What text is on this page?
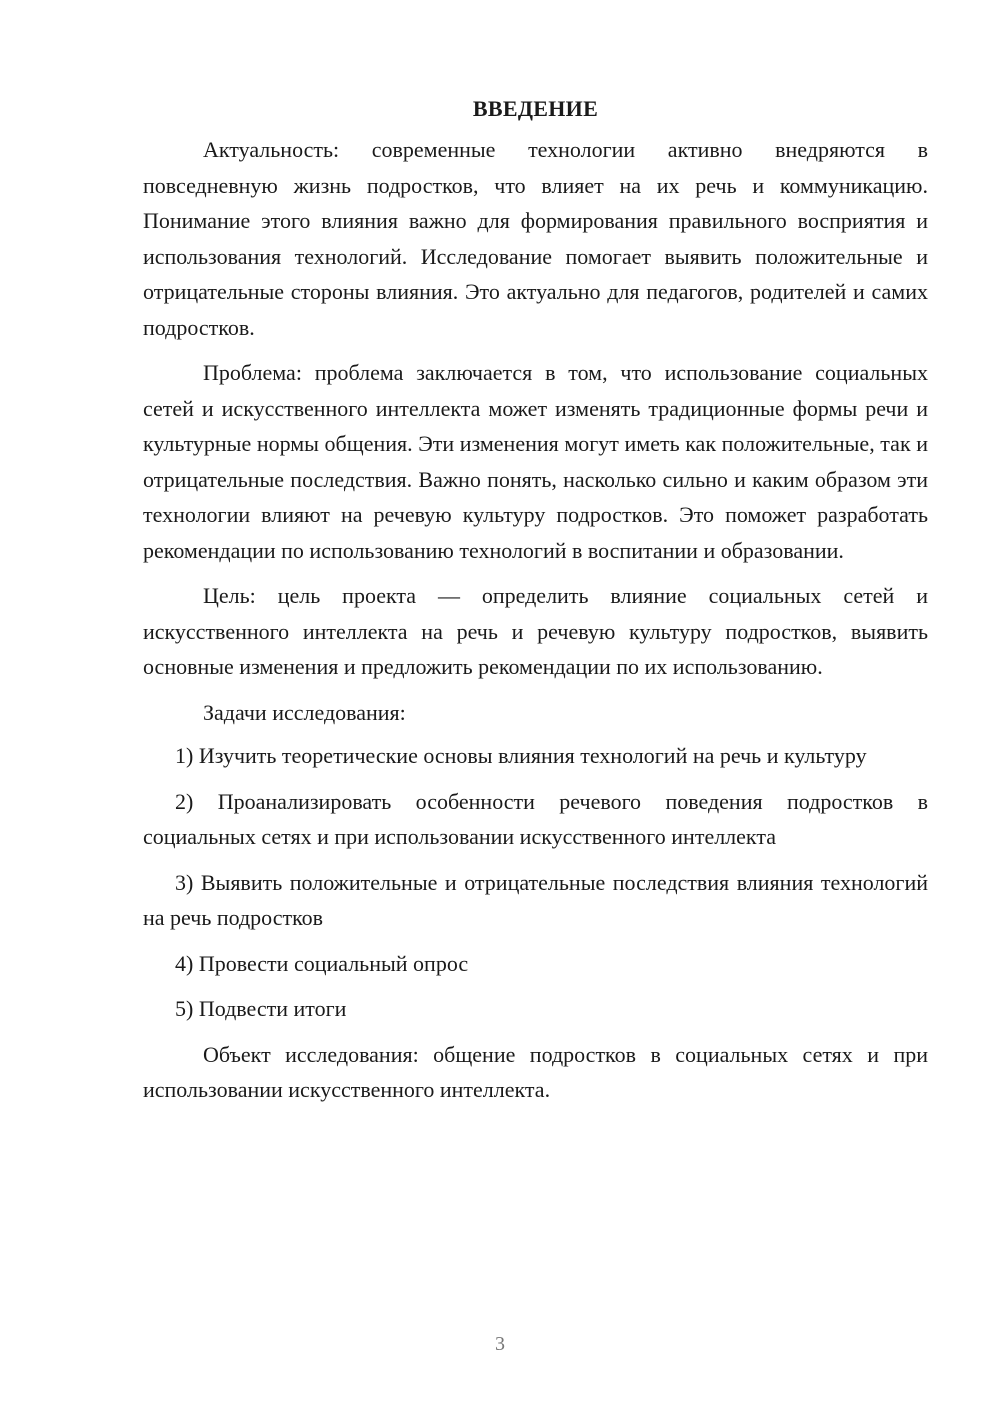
ВВЕДЕНИЕ

Актуальность: современные технологии активно внедряются в повседневную жизнь подростков, что влияет на их речь и коммуникацию. Понимание этого влияния важно для формирования правильного восприятия и использования технологий. Исследование помогает выявить положительные и отрицательные стороны влияния. Это актуально для педагогов, родителей и самих подростков.

Проблема: проблема заключается в том, что использование социальных сетей и искусственного интеллекта может изменять традиционные формы речи и культурные нормы общения. Эти изменения могут иметь как положительные, так и отрицательные последствия. Важно понять, насколько сильно и каким образом эти технологии влияют на речевую культуру подростков. Это поможет разработать рекомендации по использованию технологий в воспитании и образовании.

Цель: цель проекта — определить влияние социальных сетей и искусственного интеллекта на речь и речевую культуру подростков, выявить основные изменения и предложить рекомендации по их использованию.

Задачи исследования:

1) Изучить теоретические основы влияния технологий на речь и культуру

2) Проанализировать особенности речевого поведения подростков в социальных сетях и при использовании искусственного интеллекта

3) Выявить положительные и отрицательные последствия влияния технологий на речь подростков

4) Провести социальный опрос

5) Подвести итоги

Объект исследования: общение подростков в социальных сетях и при использовании искусственного интеллекта.

3
